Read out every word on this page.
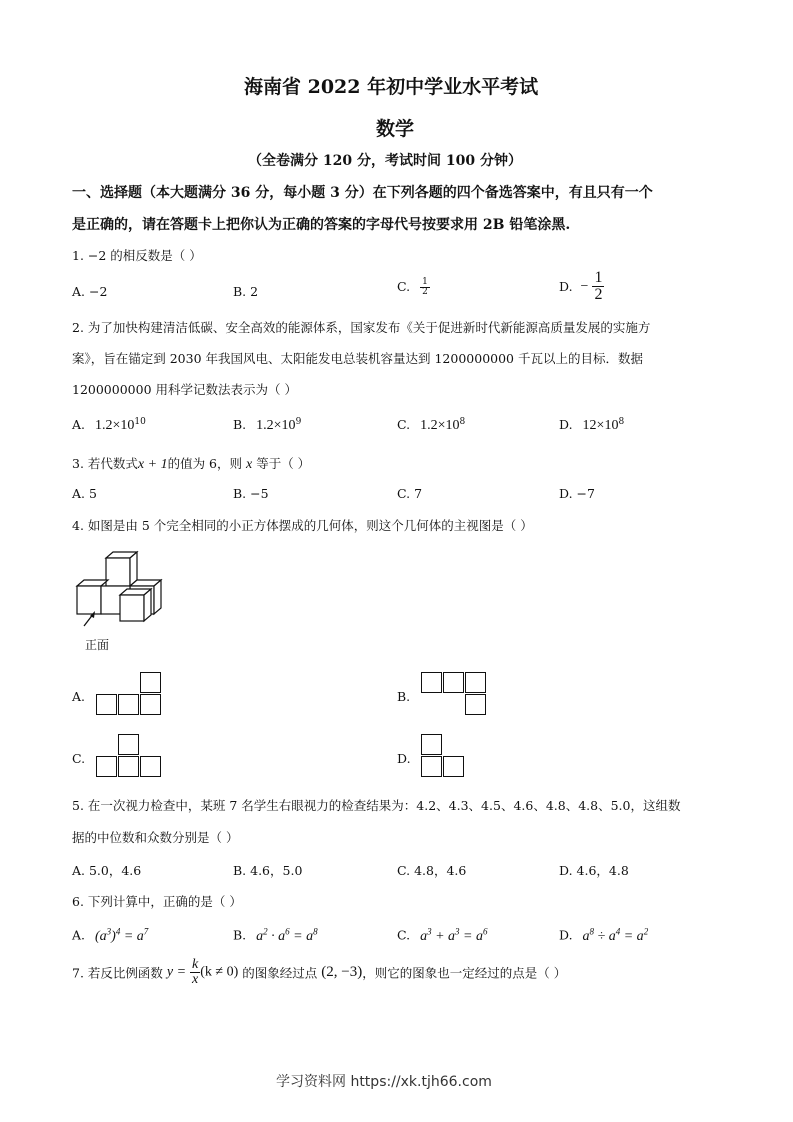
海南省 2022 年初中学业水平考试
数学
（全卷满分 120 分，考试时间 100 分钟）
一、选择题（本大题满分 36 分，每小题 3 分）在下列各题的四个备选答案中，有且只有一个
是正确的，请在答题卡上把你认为正确的答案的字母代号按要求用 2B 铅笔涂黑.
1. −2 的相反数是（ ）
A. −2	B. 2	C. $\frac{1}{2}$	D. − $\frac{1}{2}$
2. 为了加快构建清洁低碳、安全高效的能源体系，国家发布《关于促进新时代新能源高质量发展的实施方
案》，旨在锚定到 2030 年我国风电、太阳能发电总装机容量达到 1200000000 千瓦以上的目标．数据
1200000000 用科学记数法表示为（ ）
A. $1.2\times 10^{10}$	B. $1.2\times 10^9$	C. $1.2\times 10^8$	D. $12\times 10^8$
3. 若代数式x + 1的值为 6，则 x 等于（ ）
A. 5	B. −5	C. 7	D. −7
4. 如图是由 5 个完全相同的小正方体摆成的几何体，则这个几何体的主视图是（ ）
正面
A.	B.
C.	D.
5. 在一次视力检查中，某班 7 名学生右眼视力的检查结果为：4.2、4.3、4.5、4.6、4.8、4.8、5.0，这组数
据的中位数和众数分别是（ ）
A. 5.0，4.6	B. 4.6，5.0	C. 4.8，4.6	D. 4.6，4.8
6. 下列计算中，正确的是（ ）
A. $(a^3)^4 = a^7$	B. $a^2 \cdot a^6 = a^8$	C. $a^3 + a^3 = a^6$	D. $a^8 \div a^4 = a^2$
7. 若反比例函数 $y = \frac{k}{x} (k \ne 0)$ 的图象经过点 (2, −3)，则它的图象也一定经过的点是（ ）
学习资料网 https://xk.tjh66.com
